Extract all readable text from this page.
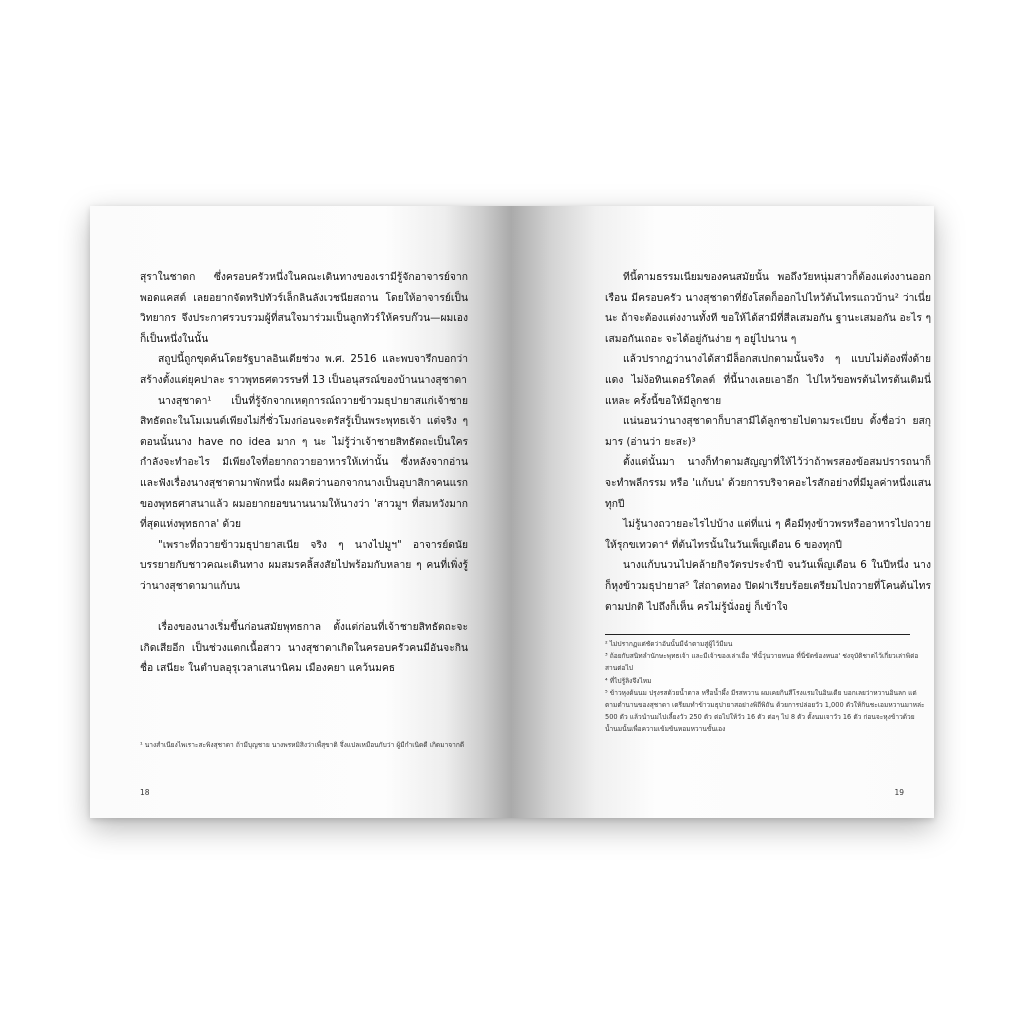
สุราในชาดก ซึ่งครอบครัวหนึ่งในคณะเดินทางของเรามีรู้จักอาจารย์จากพอดแคสต์ เลยอยากจัดทริปทัวร์เล็กลินลังเวชนียสถาน โดยให้อาจารย์เป็นวิทยากร จึงประกาศรวบรวมผู้ที่สนใจมาร่วมเป็นลูกทัวร์ให้ครบก๊วน—ผมเองก็เป็นหนึ่งในนั้น

สถูปนี้ถูกขุดค้นโดยรัฐบาลอินเดียช่วง พ.ศ. 2516 และพบจารึกบอกว่าสร้างตั้งแต่ยุคปาละ ราวพุทธศตวรรษที่ 13 เป็นอนุสรณ์ของบ้านนางสุชาดา

นางสุชาดา¹ เป็นที่รู้จักจากเหตุการณ์ถวายข้าวมธุปายาสแก่เจ้าชายสิทธัตถะในโมเมนต์เพียงไม่กี่ชั่วโมงก่อนจะตรัสรู้เป็นพระพุทธเจ้า แต่จริง ๆ ตอนนั้นนาง have no idea มาก ๆ นะ ไม่รู้ว่าเจ้าชายสิทธัตถะเป็นใคร กำลังจะทำอะไร มีเพียงใจที่อยากถวายอาหารให้เท่านั้น ซึ่งหลังจากอ่านและฟังเรื่องนางสุชาดามาพักหนึ่ง ผมคิดว่านอกจากนางเป็นอุบาสิกาคนแรกของพุทธศาสนาแล้ว ผมอยากยอขนานนามให้นางว่า 'สาวมูฯ ที่สมหวังมากที่สุดแห่งพุทธกาล' ด้วย

"เพราะที่ถวายข้าวมธุปายาสเนีย จริง ๆ นางไปมูฯ" อาจารย์ดนัยบรรยายกับชาวคณะเดินทาง ผมสมรคลิ้สงสัยไปพร้อมกับหลาย ๆ คนที่เพิ่งรู้ว่านางสุชาดามาแก้บน

เรื่องของนางเริ่มขึ้นก่อนสมัยพุทธกาล ตั้งแต่ก่อนที่เจ้าชายสิทธัตถะจะเกิดเสียอีก เป็นช่วงแตกเนื้อสาว นางสุชาดาเกิดในครอบครัวคนมีอันจะกินชื่อ เสนียะ ในตำบลอุรุเวลาเสนานิคม เมืองคยา แคว้นมคธ

¹ นางสำเนียงไพเราะสะพิงสุชาดา ถ้ามีบุญชาย นางพรหมิสิงว่าเพื่สุขาติ จึ่งแปลเหมือนกับว่า ผู้มีกำเนิดดี เกิดมาจากดี

18

ทีนี้ตามธรรมเนียมของคนสมัยนั้น พอถึงวัยหนุ่มสาวก็ต้องแต่งงานออกเรือน มีครอบครัว นางสุชาดาที่ยังโสดก็ออกไปไหว้ต้นไทรแถวบ้าน² ว่าเนี่ยนะ ถ้าจะต้องแต่งงานทั้งที ขอให้ได้สามีที่สีลเสมอกัน ฐานะเสมอกัน อะไร ๆ เสมอกันเถอะ จะได้อยู่กันง่าย ๆ อยู่ไปนาน ๆ

แล้วปรากฏว่านางได้สามีล็อกสเปกตามนั้นจริง ๆ แบบไม่ต้องพึ่งด้ายแดง ไม่ง้อทินเดอร์ใดลต์ ที่นี้นางเลยเอาอีก ไปไหว้ขอพรต้นไทรต้นเดิมนี่แหละ ครั้งนี้ขอให้มีลูกชาย

แน่นอนว่านางสุชาดาก็บาสามีได้ลูกชายไปตามระเบียบ ตั้งชื่อว่า ยสกุมาร (อ่านว่า ยะสะ)³

ตั้งแต่นั้นมา นางก็ทำตามสัญญาที่ให้ไว้ว่าถ้าพรสองข้อสมปรารถนาก็จะทำพลีกรรม หรือ 'แก้บน' ด้วยการบริจาคอะไรสักอย่างที่มีมูลค่าหนึ่งแสนทุกปี

ไม่รู้นางถวายอะไรไปบ้าง แต่ที่แน่ ๆ คือมีทุงข้าวพรหรืออาหารไปถวายให้รุกขเทวดา⁴ ที่ต้นไทรนั้นในวันเพ็ญเดือน 6 ของทุกปี

นางแก้บนวนไปคล้ายกิจวัตรประจำปี จนวันเพ็ญเดือน 6 ในปีหนึ่ง นางก็หุงข้าวมธุปายาส⁵ ใส่ถาดทอง ปิดฝาเรียบร้อยเตรียมไปถวายที่โคนต้นไทรตามปกติ ไปถึงก็เห็น ครไม่รู้นั่งอยู่ ก็เข้าใจ

² ไม่ปรากฏแต่ชัดว่าอันนั้นมีฉำ‍ตามสู่ผู้ไว้มีมน

³ ถ้อยกับสนิทลำนักษะพุทธเจ้า และมีเจ้าของเล่าเอื่อ 'ที่นั้วุ่นวายหนอ ที่นี่ขัดข้องหนอ' ช่งจุบัติชาตไว้เกี่ยวเล่าพิต่อสานต่อไป

⁴ ที่ไปรู้ลิงจึงไหม

⁵ ข้าวหุงด้นนม ปรุงรสด้วยน้ำตาล หรือน้ำผึ้ง มีรสหวาน ผมเคยกินสีโรงแรมในอินเดีย บอกเลยว่าหวานอินลก แต่ตามตำนานของสุชาดา เตรียมทำข้าวมธุปายาสอย่างพิถีพิถัน ด้วยการปล่อยวัว 1,000 ตัวให้กินชะเอมหวานมาหล่ะ 500 ตัว แล้วนำนมไปเลี้ยงวัว 250 ตัว ต่อไปให้วัว 16 ตัว ต่อๆ ไป 8 ตัว ตั้งนมเจาวัว 16 ตัว ก่อนจะหุงข้าวด้วยน้ำนมนั้นเพื่อความเข้มข้นหอมหวานขั้นเอง

19
